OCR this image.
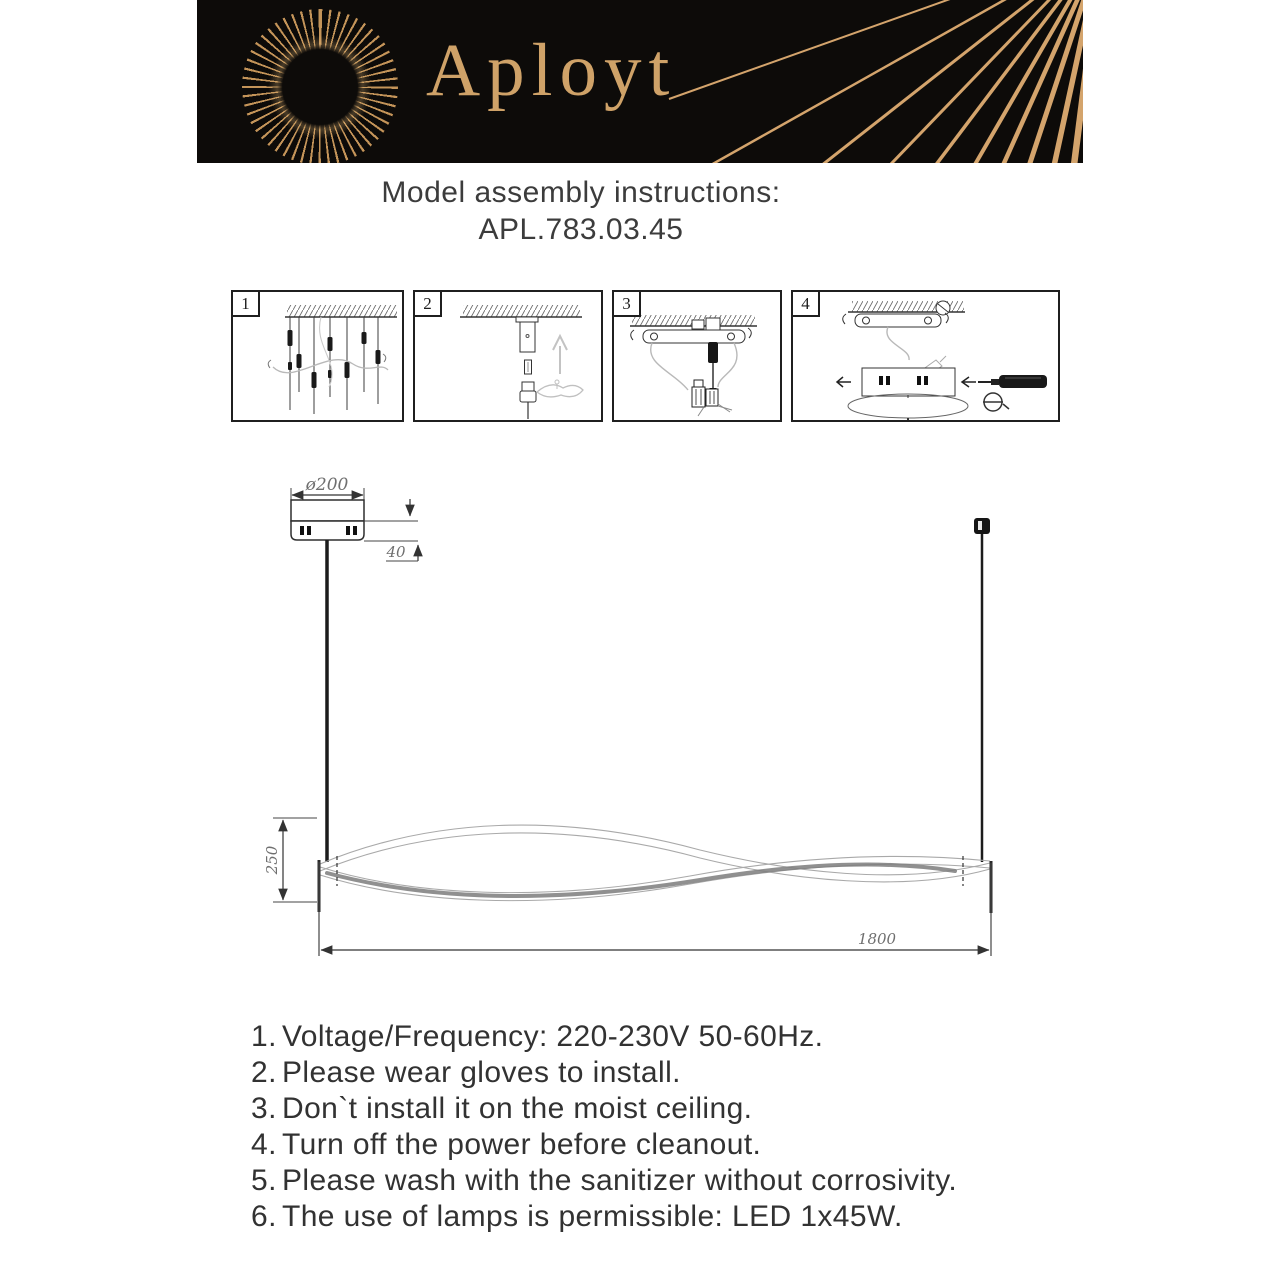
Aployt
Model assembly instructions:
APL.783.03.45
1	2	3	4
ø200
40
250
1800
1. Voltage/Frequency: 220-230V 50-60Hz.
2. Please wear gloves to install.
3. Don`t install it on the moist ceiling.
4. Turn off the power before cleanout.
5. Please wash with the sanitizer without corrosivity.
6. The use of lamps is permissible: LED 1x45W.
